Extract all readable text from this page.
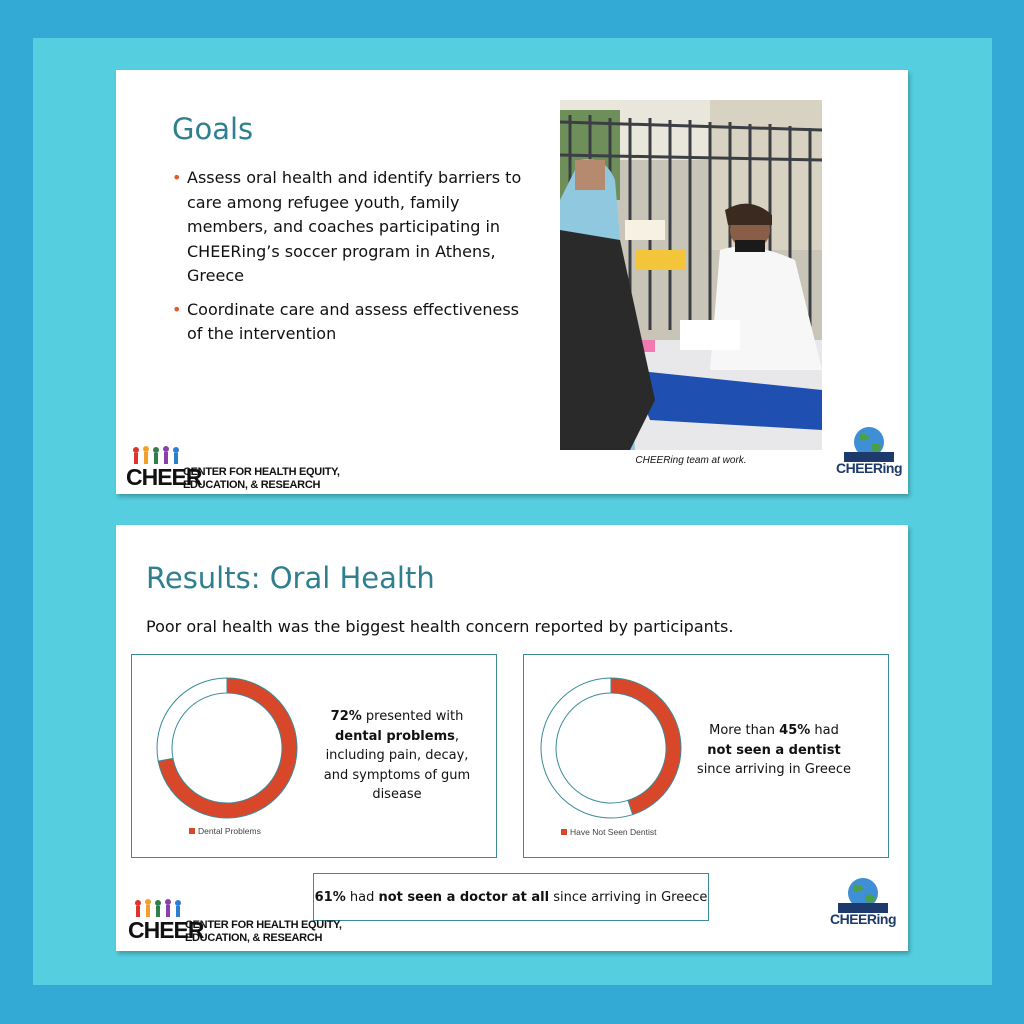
Goals
• Assess oral health and identify barriers to care among refugee youth, family members, and coaches participating in CHEERing’s soccer program in Athens, Greece
• Coordinate care and assess effectiveness of the intervention
CHEERing team at work.
CHEER
CENTER FOR HEALTH EQUITY,
EDUCATION, & RESEARCH
CHEERing
Results: Oral Health
Poor oral health was the biggest health concern reported by participants.
Dental Problems
72% presented with
dental problems,
including pain, decay,
and symptoms of gum
disease
Have Not Seen Dentist
More than 45% had
not seen a dentist
since arriving in Greece
61% had not seen a doctor at all since arriving in Greece
CHEER
CENTER FOR HEALTH EQUITY,
EDUCATION, & RESEARCH
CHEERing
